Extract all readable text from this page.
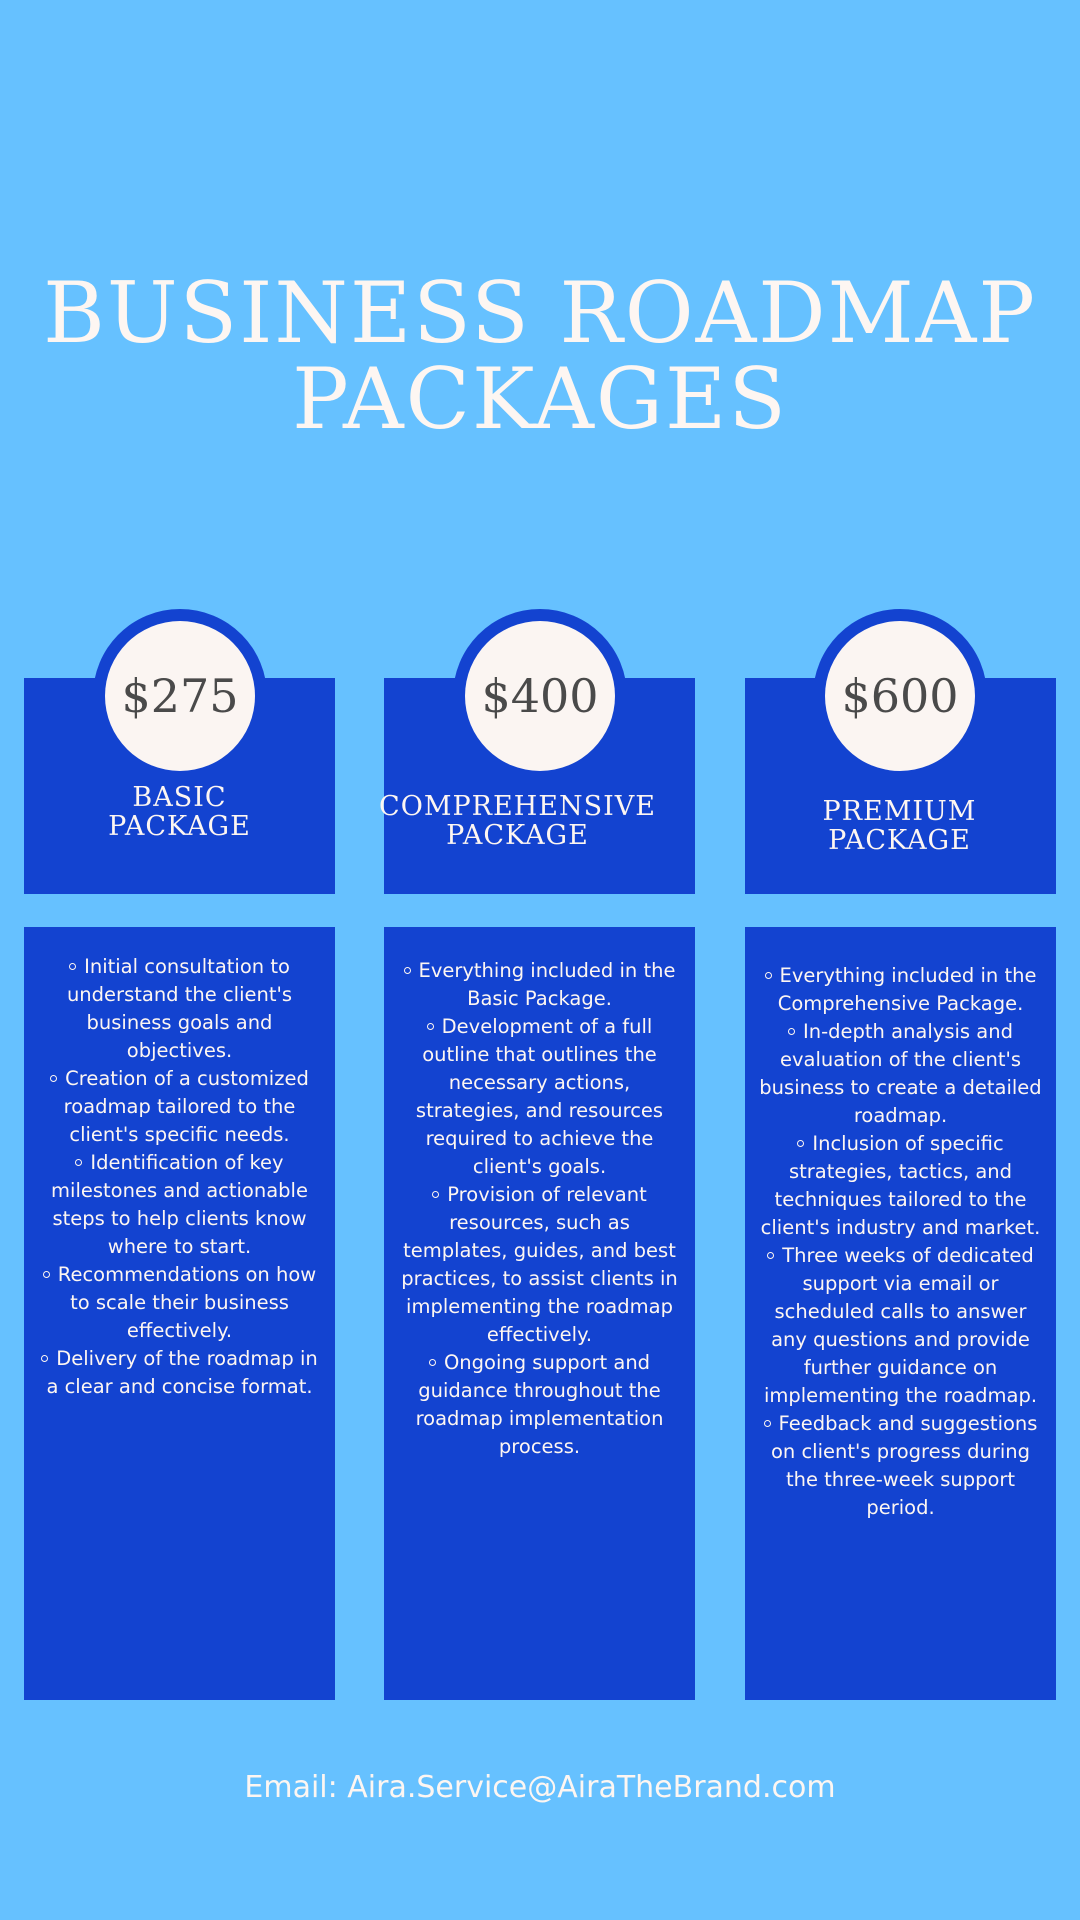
BUSINESS ROADMAP
PACKAGES
$275
BASIC
PACKAGE
Initial consultation to understand the client's business goals and objectives.
Creation of a customized roadmap tailored to the client's specific needs.
Identification of key milestones and actionable steps to help clients know where to start.
Recommendations on how to scale their business effectively.
Delivery of the roadmap in a clear and concise format.
$400
COMPREHENSIVE
PACKAGE
Everything included in the Basic Package.
Development of a full outline that outlines the necessary actions, strategies, and resources required to achieve the client's goals.
Provision of relevant resources, such as templates, guides, and best practices, to assist clients in implementing the roadmap effectively.
Ongoing support and guidance throughout the roadmap implementation process.
$600
PREMIUM
PACKAGE
Everything included in the Comprehensive Package.
In-depth analysis and evaluation of the client's business to create a detailed roadmap.
Inclusion of specific strategies, tactics, and techniques tailored to the client's industry and market.
Three weeks of dedicated support via email or scheduled calls to answer any questions and provide further guidance on implementing the roadmap.
Feedback and suggestions on client's progress during the three-week support period.
Email: Aira.Service@AiraTheBrand.com
